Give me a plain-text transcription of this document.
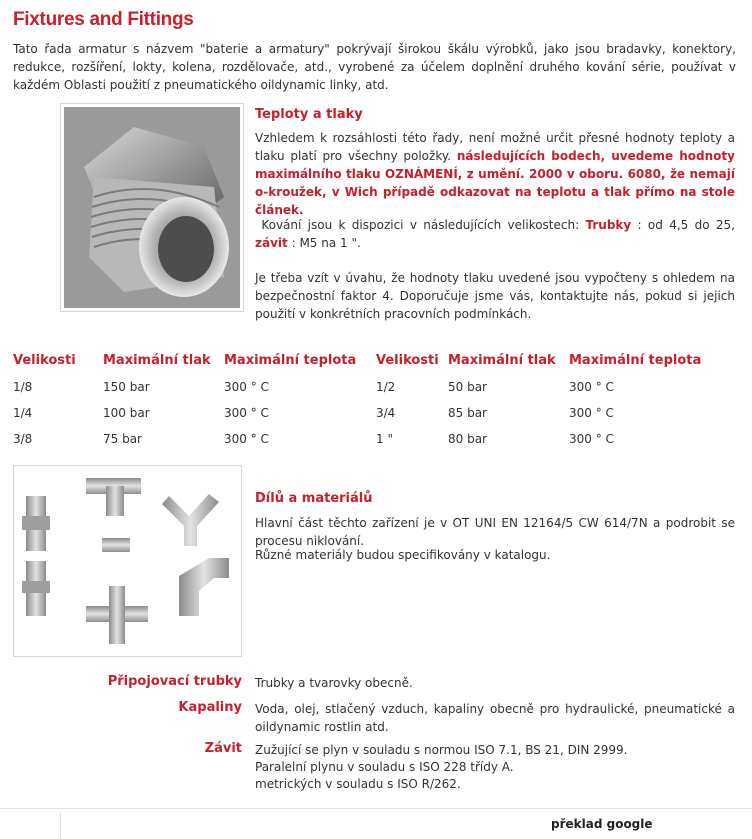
Fixtures and Fittings
Tato řada armatur s názvem "baterie a armatury" pokrývají širokou škálu výrobků, jako jsou bradavky, konektory, redukce, rozšíření, lokty, kolena, rozdělovače, atd., vyrobené za účelem doplnění druhého kování série, používat v každém Oblasti použití z pneumatického oildynamic linky, atd.
Teploty a tlaky
Vzhledem k rozsáhlosti této řady, není možné určit přesné hodnoty teploty a tlaku platí pro všechny položky. následujících bodech, uvedeme hodnoty maximálního tlaku OZNÁMENÍ, z umění. 2000 v oboru. 6080, že nemají o-kroužek, v Wich případě odkazovat na teplotu a tlak přímo na stole článek.
Kování jsou k dispozici v následujících velikostech: Trubky : od 4,5 do 25, závit : M5 na 1 ".
Je třeba vzít v úvahu, že hodnoty tlaku uvedené jsou vypočteny s ohledem na bezpečnostní faktor 4. Doporučuje jsme vás, kontaktujte nás, pokud si jejich použití v konkrétních pracovních podmínkách.
Velikosti Maximální tlak Maximální teplota Velikosti Maximální tlak Maximální teplota
1/8	150 bar	300 ° C	1/2	50 bar	300 ° C
1/4	100 bar	300 ° C	3/4	85 bar	300 ° C
3/8	75 bar	300 ° C	1 "	80 bar	300 ° C
Dílů a materiálů
Hlavní část těchto zařízení je v OT UNI EN 12164/5 CW 614/7N a podrobit se procesu niklování.
Různé materiály budou specifikovány v katalogu.
Připojovací trubky Trubky a tvarovky obecně.
Kapaliny Voda, olej, stlačený vzduch, kapaliny obecně pro hydraulické, pneumatické a oildynamic rostlin atd.
Závit Zužující se plyn v souladu s normou ISO 7.1, BS 21, DIN 2999.
Paralelní plynu v souladu s ISO 228 třídy A.
metrických v souladu s ISO R/262.
překlad google
